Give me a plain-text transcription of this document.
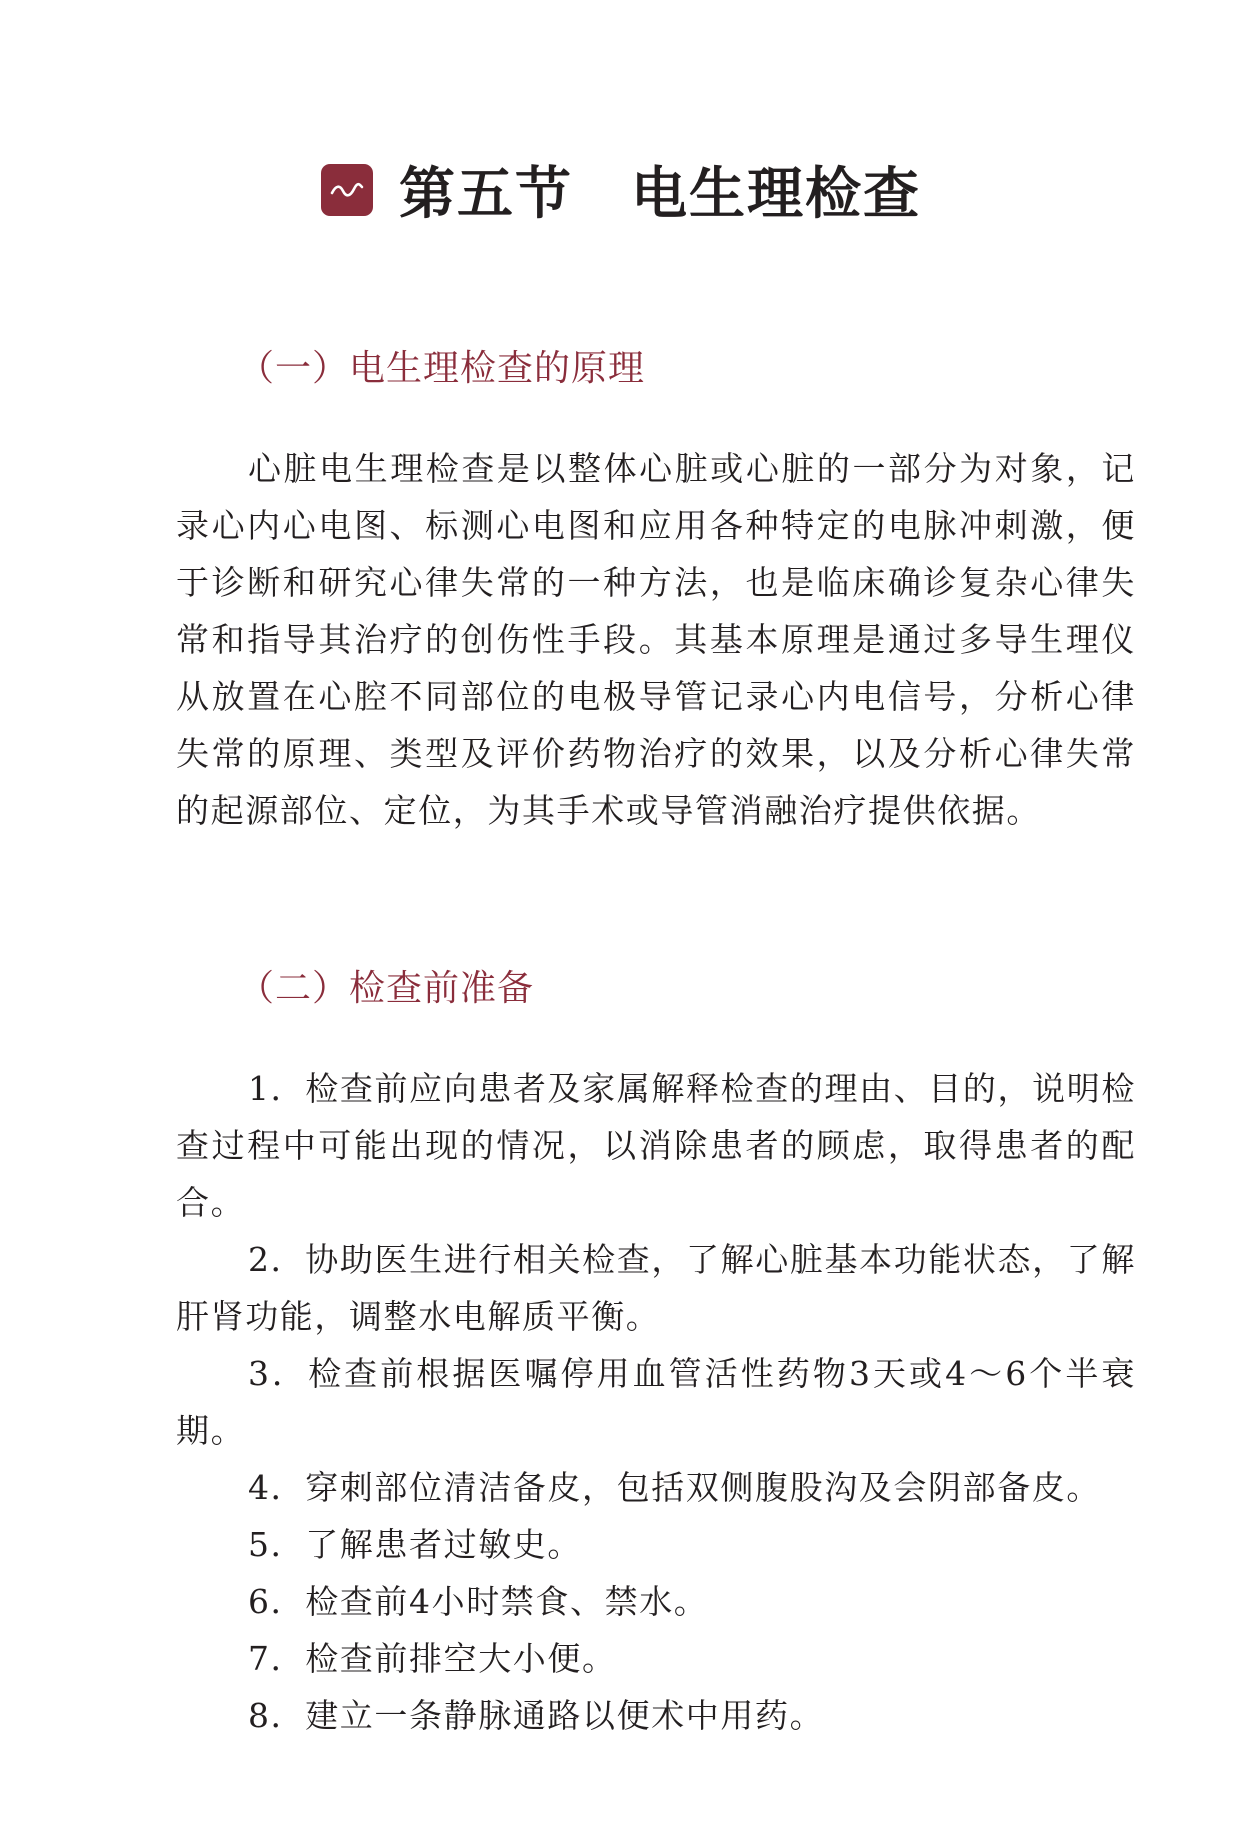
第五节　电生理检查
（一）电生理检查的原理

心脏电生理检查是以整体心脏或心脏的一部分为对象，记录心内心电图、标测心电图和应用各种特定的电脉冲刺激，便于诊断和研究心律失常的一种方法，也是临床确诊复杂心律失常和指导其治疗的创伤性手段。其基本原理是通过多导生理仪从放置在心腔不同部位的电极导管记录心内电信号，分析心律失常的原理、类型及评价药物治疗的效果，以及分析心律失常的起源部位、定位，为其手术或导管消融治疗提供依据。

（二）检查前准备

1．检查前应向患者及家属解释检查的理由、目的，说明检查过程中可能出现的情况，以消除患者的顾虑，取得患者的配合。

2．协助医生进行相关检查，了解心脏基本功能状态，了解肝肾功能，调整水电解质平衡。

3．检查前根据医嘱停用血管活性药物3天或4～6个半衰期。

4．穿刺部位清洁备皮，包括双侧腹股沟及会阴部备皮。

5．了解患者过敏史。

6．检查前4小时禁食、禁水。

7．检查前排空大小便。

8．建立一条静脉通路以便术中用药。
